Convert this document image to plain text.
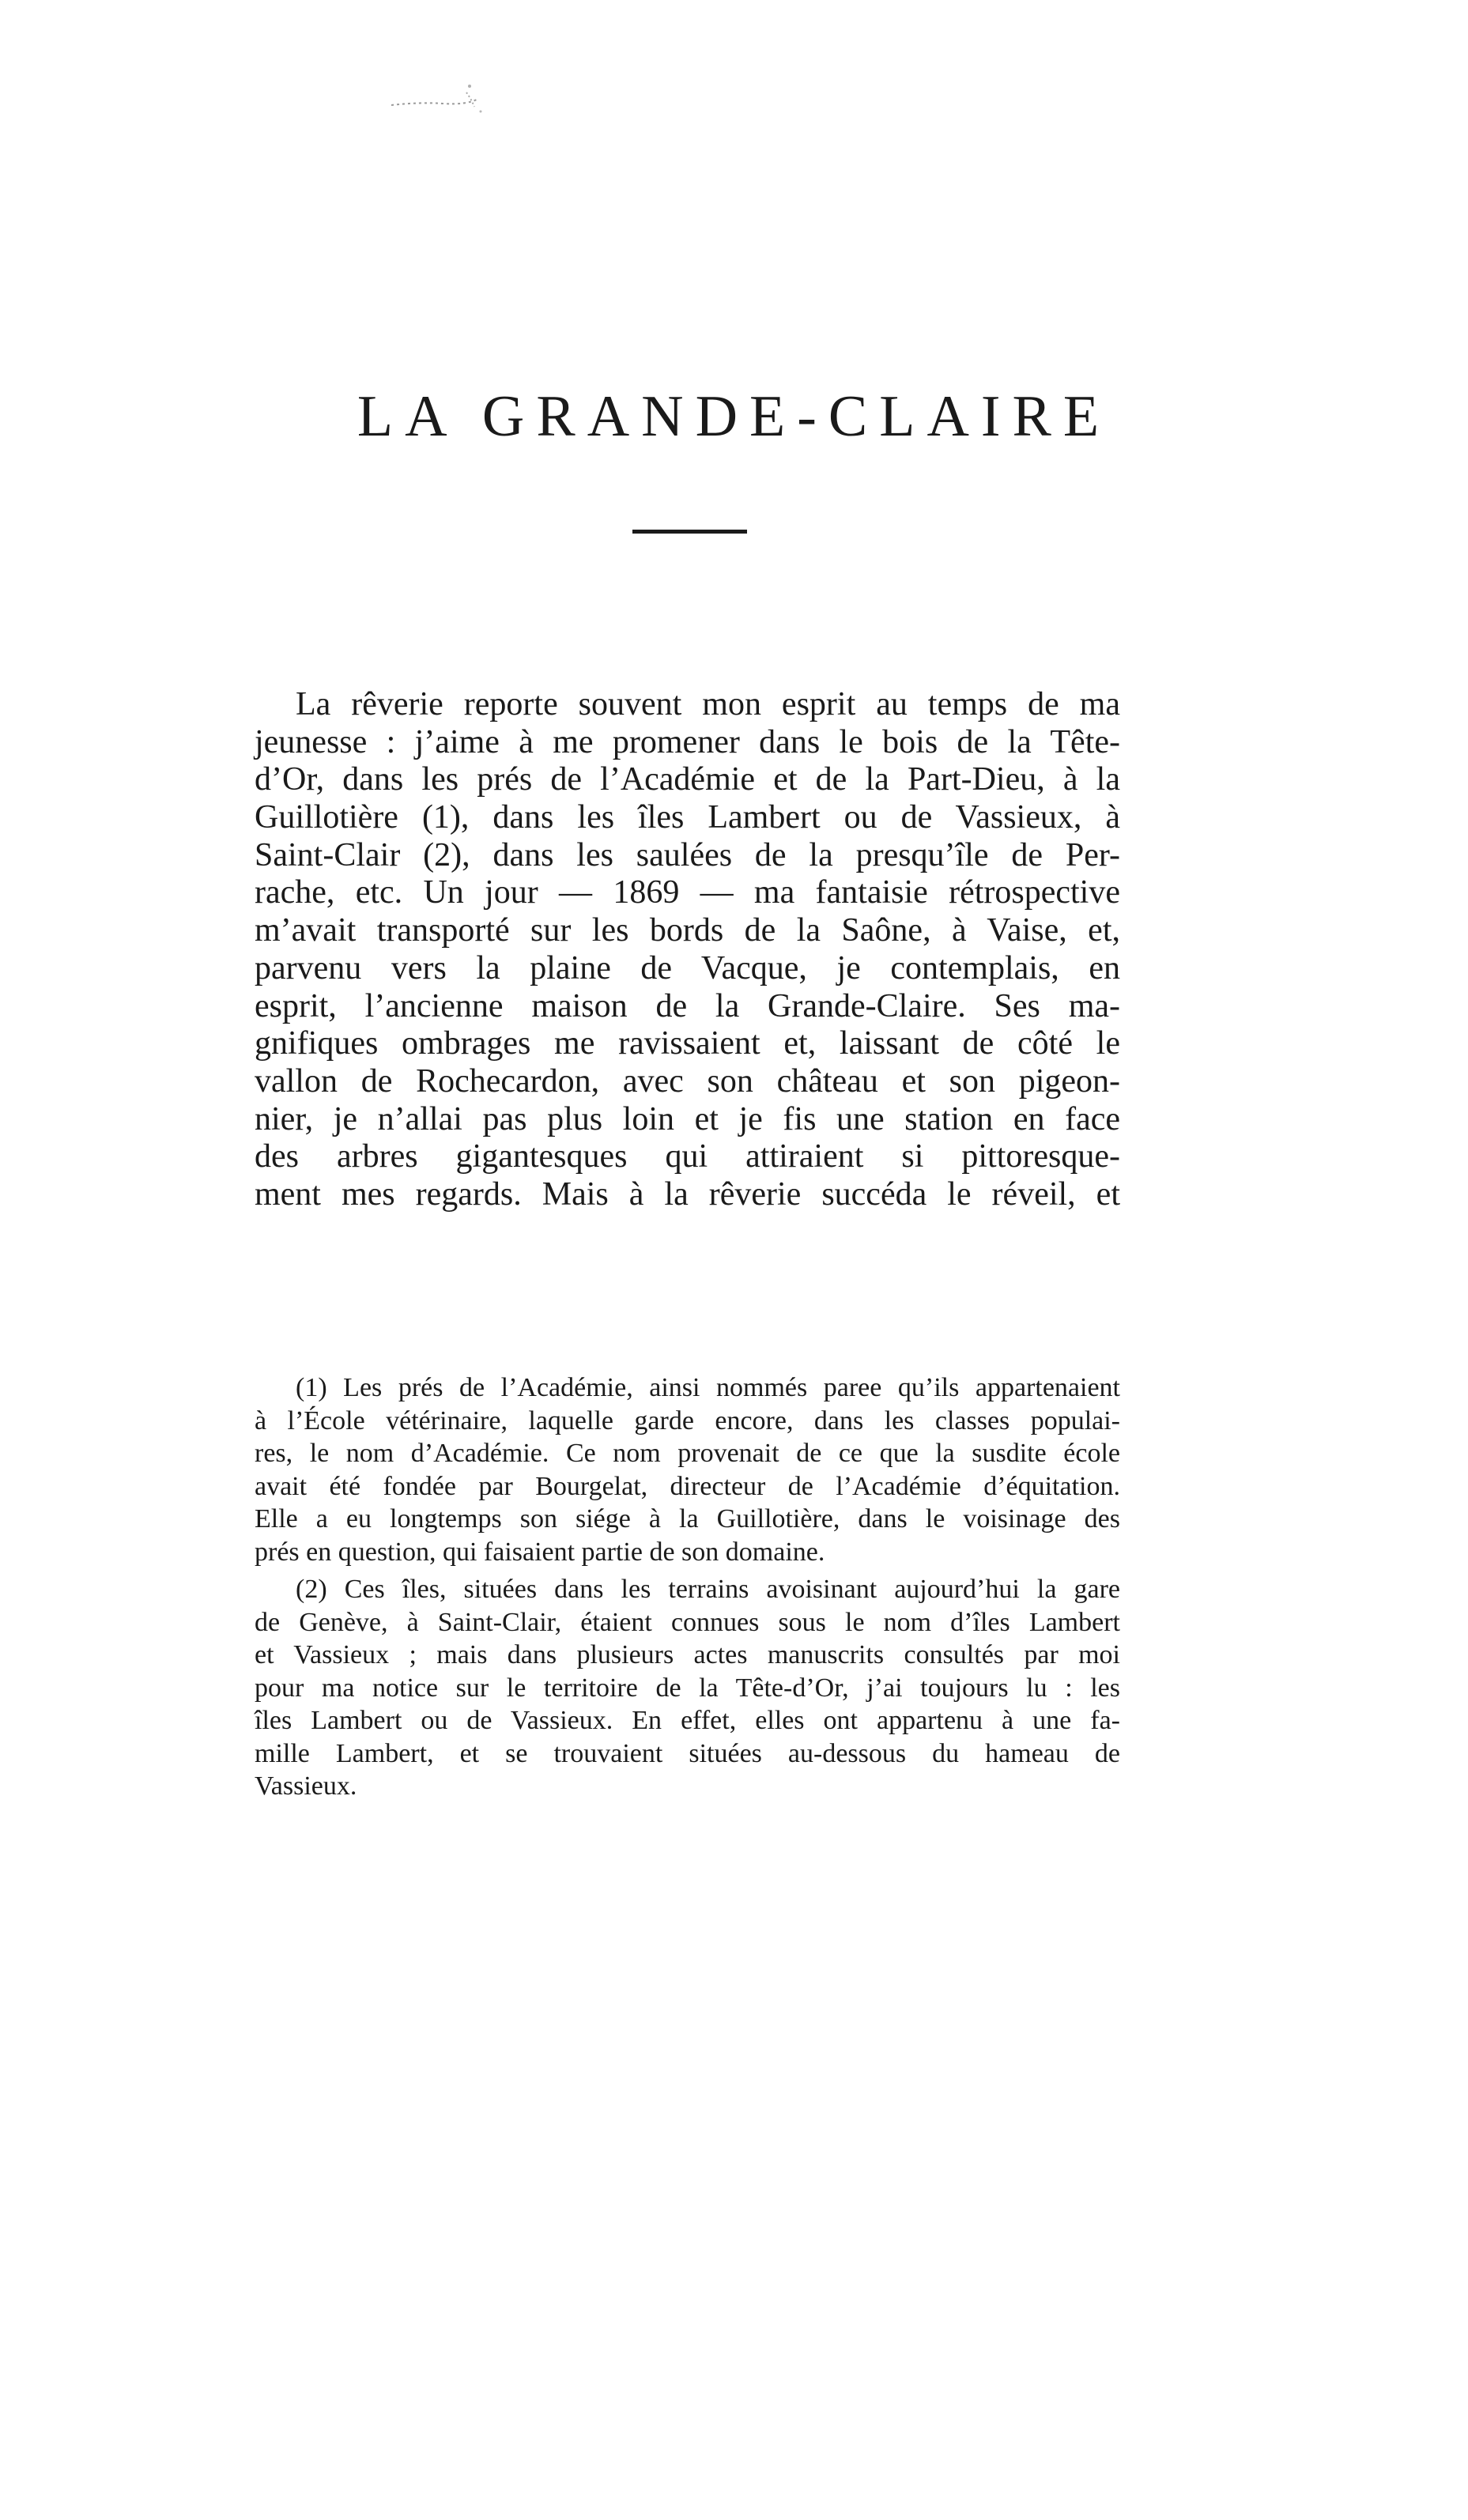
LA GRANDE-CLAIRE

La rêverie reporte souvent mon esprit au temps de ma

jeunesse : j’aime à me promener dans le bois de la Tête-

d’Or, dans les prés de l’Académie et de la Part-Dieu, à la

Guillotière (1), dans les îles Lambert ou de Vassieux, à

Saint-Clair (2), dans les saulées de la presqu’île de Per-

rache, etc. Un jour — 1869 — ma fantaisie rétrospective

m’avait transporté sur les bords de la Saône, à Vaise, et,

parvenu vers la plaine de Vacque, je contemplais, en

esprit, l’ancienne maison de la Grande-Claire. Ses ma-

gnifiques ombrages me ravissaient et, laissant de côté le

vallon de Rochecardon, avec son château et son pigeon-

nier, je n’allai pas plus loin et je fis une station en face

des arbres gigantesques qui attiraient si pittoresque-

ment mes regards. Mais à la rêverie succéda le réveil, et

(1) Les prés de l’Académie, ainsi nommés paree qu’ils appartenaient

à l’École vétérinaire, laquelle garde encore, dans les classes populai-

res, le nom d’Académie. Ce nom provenait de ce que la susdite école

avait été fondée par Bourgelat, directeur de l’Académie d’équitation.

Elle a eu longtemps son siége à la Guillotière, dans le voisinage des

prés en question, qui faisaient partie de son domaine.

(2) Ces îles, situées dans les terrains avoisinant aujourd’hui la gare

de Genève, à Saint-Clair, étaient connues sous le nom d’îles Lambert

et Vassieux ; mais dans plusieurs actes manuscrits consultés par moi

pour ma notice sur le territoire de la Tête-d’Or, j’ai toujours lu : les

îles Lambert ou de Vassieux. En effet, elles ont appartenu à une fa-

mille Lambert, et se trouvaient situées au-dessous du hameau de

Vassieux.
